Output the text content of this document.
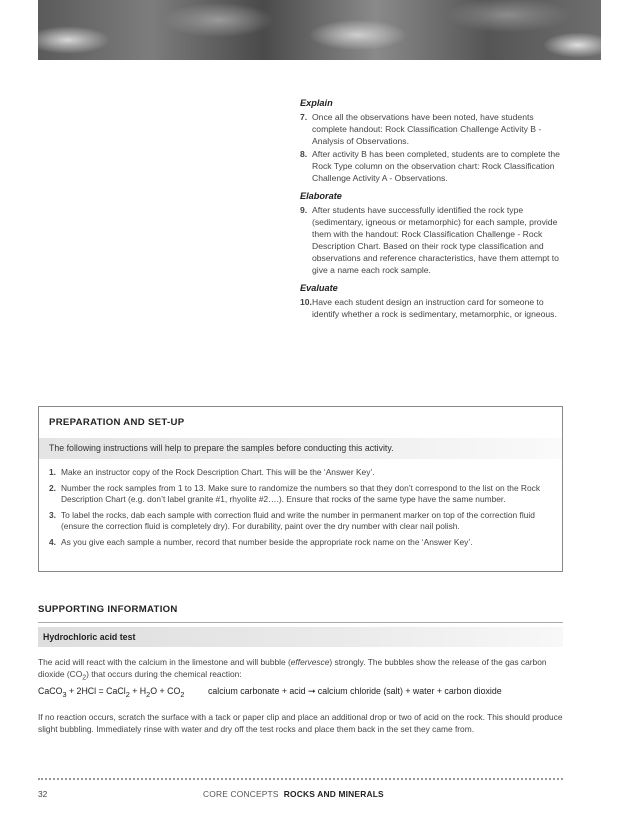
Explain
7. Once all the observations have been noted, have students complete handout: Rock Classification Challenge Activity B - Analysis of Observations.
8. After activity B has been completed, students are to complete the Rock Type column on the observation chart: Rock Classification Challenge Activity A - Observations.
Elaborate
9. After students have successfully identified the rock type (sedimentary, igneous or metamorphic) for each sample, provide them with the handout: Rock Classification Challenge - Rock Description Chart. Based on their rock type classification and observations and reference characteristics, have them attempt to give a name each rock sample.
Evaluate
10. Have each student design an instruction card for someone to identify whether a rock is sedimentary, metamorphic, or igneous.
PREPARATION AND SET-UP
The following instructions will help to prepare the samples before conducting this activity.
1. Make an instructor copy of the Rock Description Chart. This will be the ‘Answer Key’.
2. Number the rock samples from 1 to 13. Make sure to randomize the numbers so that they don’t correspond to the list on the Rock Description Chart (e.g. don’t label granite #1, rhyolite #2….). Ensure that rocks of the same type have the same number.
3. To label the rocks, dab each sample with correction fluid and write the number in permanent marker on top of the correction fluid (ensure the correction fluid is completely dry). For durability, paint over the dry number with clear nail polish.
4. As you give each sample a number, record that number beside the appropriate rock name on the ‘Answer Key’.
SUPPORTING INFORMATION
Hydrochloric acid test
The acid will react with the calcium in the limestone and will bubble (effervesce) strongly. The bubbles show the release of the gas carbon dioxide $(CO_2)$ that occurs during the chemical reaction:
CaCO$_3$ + 2HCl = CaCl$_2$ + $H_2O + CO_2$	calcium carbonate + acid ➞ calcium chloride (salt) + water + carbon dioxide
If no reaction occurs, scratch the surface with a tack or paper clip and place an additional drop or two of acid on the rock. This should produce slight bubbling. Immediately rinse with water and dry off the test rocks and place them back in the set they came from.
32	CORE CONCEPTS ROCKS AND MINERALS
